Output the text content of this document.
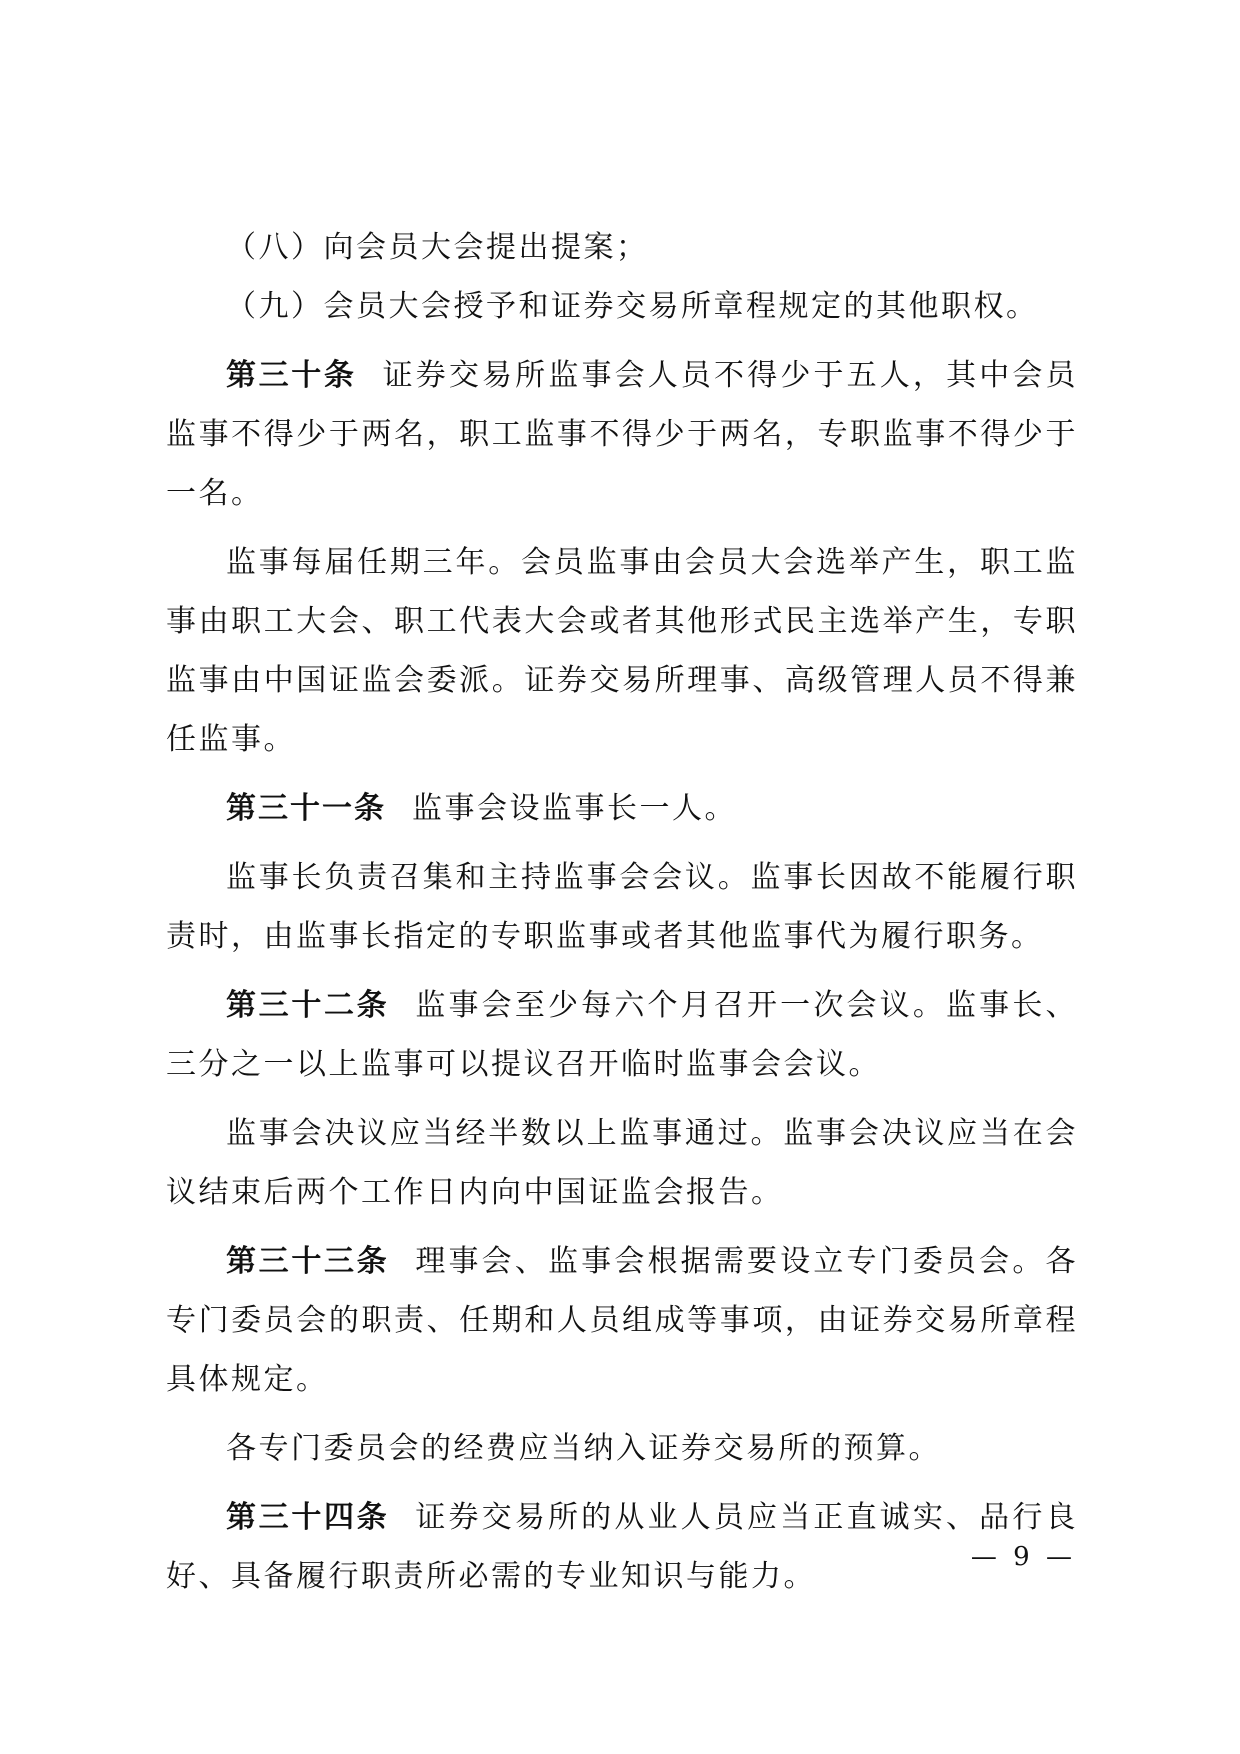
（八）向会员大会提出提案；

（九）会员大会授予和证券交易所章程规定的其他职权。

第三十条 证券交易所监事会人员不得少于五人，其中会员监事不得少于两名，职工监事不得少于两名，专职监事不得少于一名。

监事每届任期三年。会员监事由会员大会选举产生，职工监事由职工大会、职工代表大会或者其他形式民主选举产生，专职监事由中国证监会委派。证券交易所理事、高级管理人员不得兼任监事。

第三十一条 监事会设监事长一人。

监事长负责召集和主持监事会会议。监事长因故不能履行职责时，由监事长指定的专职监事或者其他监事代为履行职务。

第三十二条 监事会至少每六个月召开一次会议。监事长、三分之一以上监事可以提议召开临时监事会会议。

监事会决议应当经半数以上监事通过。监事会决议应当在会议结束后两个工作日内向中国证监会报告。

第三十三条 理事会、监事会根据需要设立专门委员会。各专门委员会的职责、任期和人员组成等事项，由证券交易所章程具体规定。

各专门委员会的经费应当纳入证券交易所的预算。

第三十四条 证券交易所的从业人员应当正直诚实、品行良好、具备履行职责所必需的专业知识与能力。

— 9 —
